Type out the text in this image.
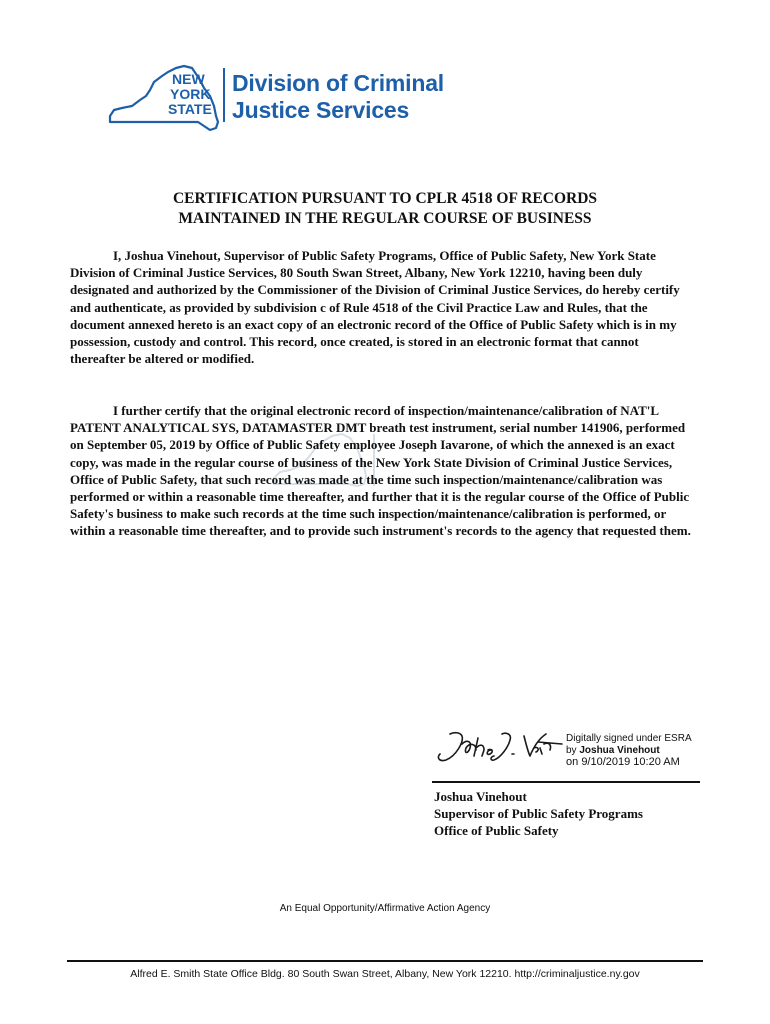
NEW
YORK
STATE
Division of Criminal
Justice Services
CERTIFICATION PURSUANT TO CPLR 4518 OF RECORDS
MAINTAINED IN THE REGULAR COURSE OF BUSINESS

I, Joshua Vinehout, Supervisor of Public Safety Programs, Office of Public Safety, New York State Division of Criminal Justice Services, 80 South Swan Street, Albany, New York 12210, having been duly designated and authorized by the Commissioner of the Division of Criminal Justice Services, do hereby certify and authenticate, as provided by subdivision c of Rule 4518 of the Civil Practice Law and Rules, that the document annexed hereto is an exact copy of an electronic record of the Office of Public Safety which is in my possession, custody and control. This record, once created, is stored in an electronic format that cannot thereafter be altered or modified.

I further certify that the original electronic record of inspection/maintenance/calibration of NAT'L PATENT ANALYTICAL SYS, DATAMASTER DMT breath test instrument, serial number 141906, performed on September 05, 2019 by Office of Public Safety employee Joseph Iavarone, of which the annexed is an exact copy, was made in the regular course of business of the New York State Division of Criminal Justice Services, Office of Public Safety, that such record was made at the time such inspection/maintenance/calibration was performed or within a reasonable time thereafter, and further that it is the regular course of the Office of Public Safety's business to make such records at the time such inspection/maintenance/calibration is performed, or within a reasonable time thereafter, and to provide such instrument's records to the agency that requested them.

Digitally signed under ESRA
by Joshua Vinehout
on 9/10/2019 10:20 AM
Joshua Vinehout
Supervisor of Public Safety Programs
Office of Public Safety
An Equal Opportunity/Affirmative Action Agency
Alfred E. Smith State Office Bldg. 80 South Swan Street, Albany, New York 12210. http://criminaljustice.ny.gov
